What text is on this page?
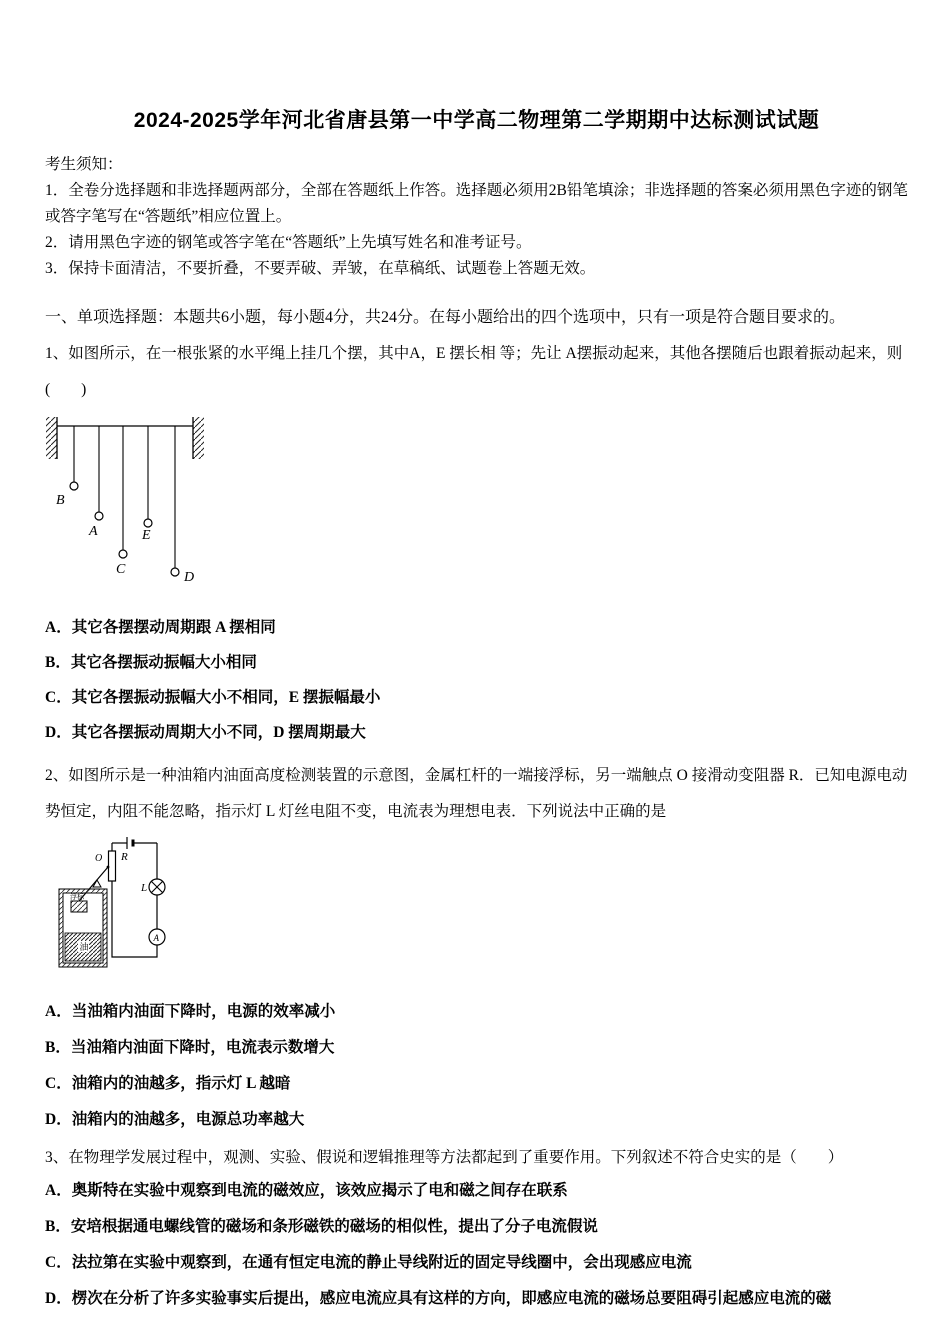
2024-2025学年河北省唐县第一中学高二物理第二学期期中达标测试试题
考生须知：
1．全卷分选择题和非选择题两部分，全部在答题纸上作答。选择题必须用2B铅笔填涂；非选择题的答案必须用黑色字迹的钢笔或答字笔写在“答题纸”相应位置上。
2．请用黑色字迹的钢笔或答字笔在“答题纸”上先填写姓名和准考证号。
3．保持卡面清洁，不要折叠，不要弄破、弄皱，在草稿纸、试题卷上答题无效。
一、单项选择题：本题共6小题，每小题4分，共24分。在每小题给出的四个选项中，只有一项是符合题目要求的。
1、如图所示，在一根张紧的水平绳上挂几个摆，其中A，E 摆长相 等；先让 A摆振动起来，其他各摆随后也跟着振动起来，则(　　)
B
A
C
E
D
A．其它各摆摆动周期跟 A 摆相同
B．其它各摆振动振幅大小相同
C．其它各摆振动振幅大小不相同，E 摆振幅最小
D．其它各摆振动周期大小不同，D 摆周期最大
2、如图所示是一种油箱内油面高度检测装置的示意图，金属杠杆的一端接浮标，另一端触点 O 接滑动变阻器 R．已知电源电动势恒定，内阻不能忽略，指示灯 L 灯丝电阻不变，电流表为理想电表．下列说法中正确的是
R
O
浮标
油
L
A
A．当油箱内油面下降时，电源的效率减小
B．当油箱内油面下降时，电流表示数增大
C．油箱内的油越多，指示灯 L 越暗
D．油箱内的油越多，电源总功率越大
3、在物理学发展过程中，观测、实验、假说和逻辑推理等方法都起到了重要作用。下列叙述不符合史实的是（　　）
A．奥斯特在实验中观察到电流的磁效应，该效应揭示了电和磁之间存在联系
B．安培根据通电螺线管的磁场和条形磁铁的磁场的相似性，提出了分子电流假说
C．法拉第在实验中观察到，在通有恒定电流的静止导线附近的固定导线圈中，会出现感应电流
D．楞次在分析了许多实验事实后提出，感应电流应具有这样的方向，即感应电流的磁场总要阻碍引起感应电流的磁
